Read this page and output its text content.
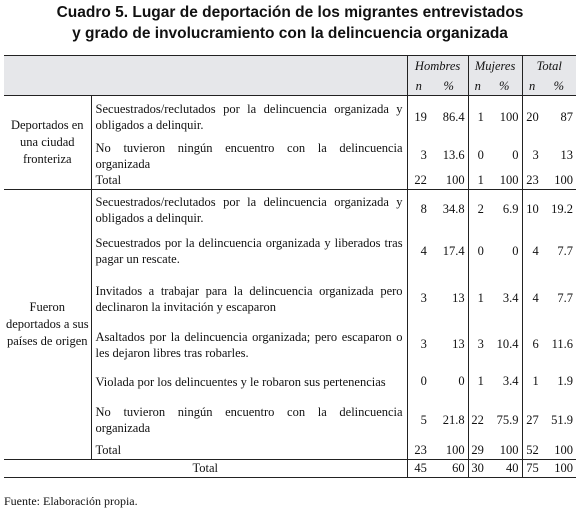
Cuadro 5. Lugar de deportación de los migrantes entrevistados
y grado de involucramiento con la delincuencia organizada
		Hombres		Mujeres		Total	
		n	%	n	%	n	%
Deportados en una ciudad fronteriza	Secuestrados/reclutados por la delincuencia organizada y obligados a delinquir.	19	86.4	1	100	20	87
	No tuvieron ningún encuentro con la delincuencia organizada	3	13.6	0	0	3	13
	Total	22	100	1	100	23	100
Fueron deportados a sus países de origen	Secuestrados/reclutados por la delincuencia organizada y obligados a delinquir.	8	34.8	2	6.9	10	19.2
	Secuestrados por la delincuencia organizada y liberados tras pagar un rescate.	4	17.4	0	0	4	7.7
	Invitados a trabajar para la delincuencia organizada pero declinaron la invitación y escaparon	3	13	1	3.4	4	7.7
	Asaltados por la delincuencia organizada; pero escaparon o les dejaron libres tras robarles.	3	13	3	10.4	6	11.6
	Violada por los delincuentes y le robaron sus pertenencias	0	0	1	3.4	1	1.9
	No tuvieron ningún encuentro con la delincuencia organizada	5	21.8	22	75.9	27	51.9
	Total	23	100	29	100	52	100
Total		45	60	30	40	75	100
Fuente: Elaboración propia.
